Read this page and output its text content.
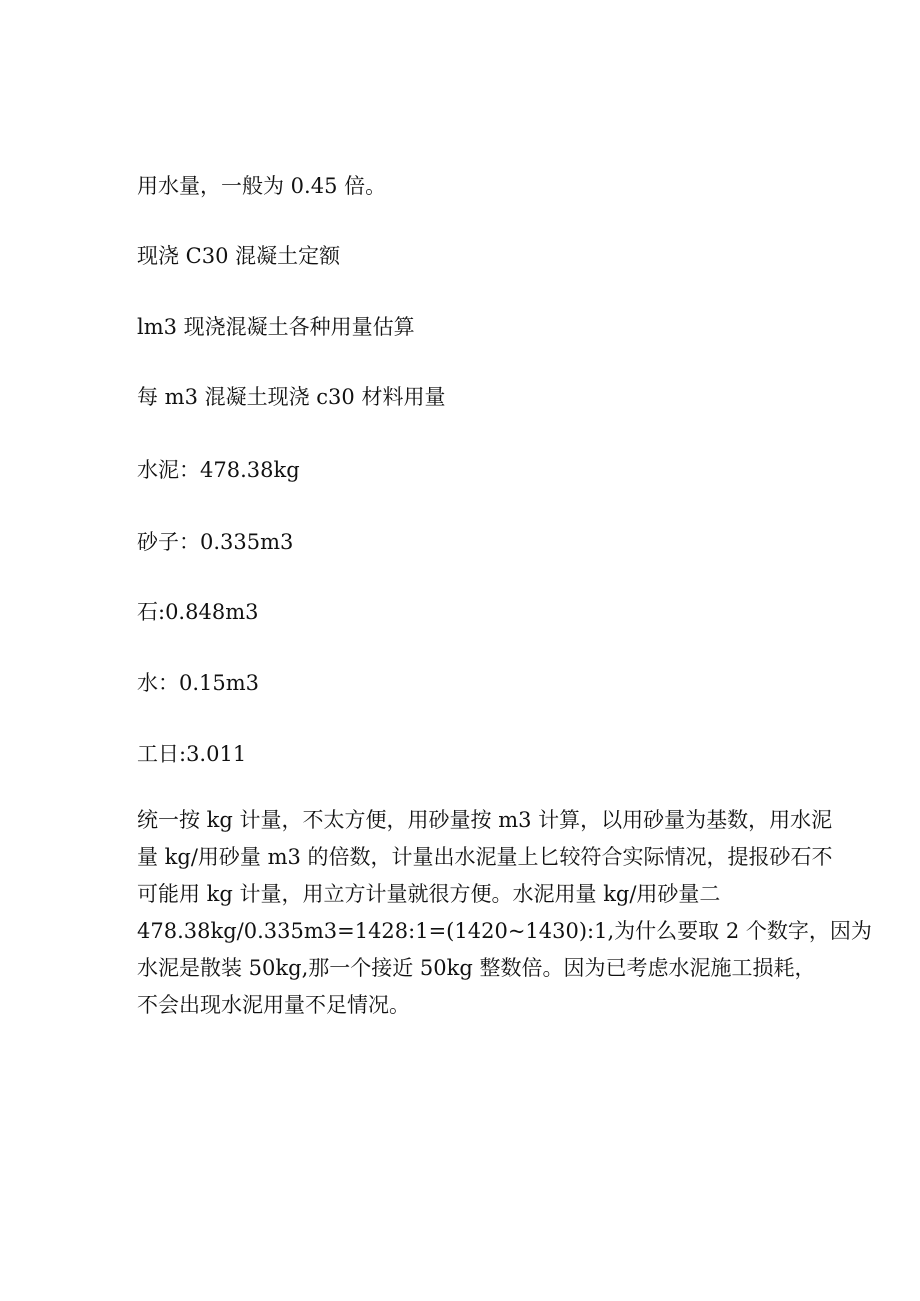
用水量，一般为 0.45 倍。

现浇 C30 混凝土定额

lm3 现浇混凝土各种用量估算

每 m3 混凝土现浇 c30 材料用量

水泥：478.38kg

砂子：0.335m3

石:0.848m3

水：0.15m3

工日:3.011

统一按 kg 计量，不太方便，用砂量按 m3 计算，以用砂量为基数，用水泥
量 kg/用砂量 m3 的倍数，计量出水泥量上匕较符合实际情况，提报砂石不
可能用 kg 计量，用立方计量就很方便。水泥用量 kg/用砂量二
478.38kg/0.335m3=1428:1=(1420~1430):1,为什么要取 2 个数字，因为
水泥是散装 50kg,那一个接近 50kg 整数倍。因为已考虑水泥施工损耗，
不会出现水泥用量不足情况。
